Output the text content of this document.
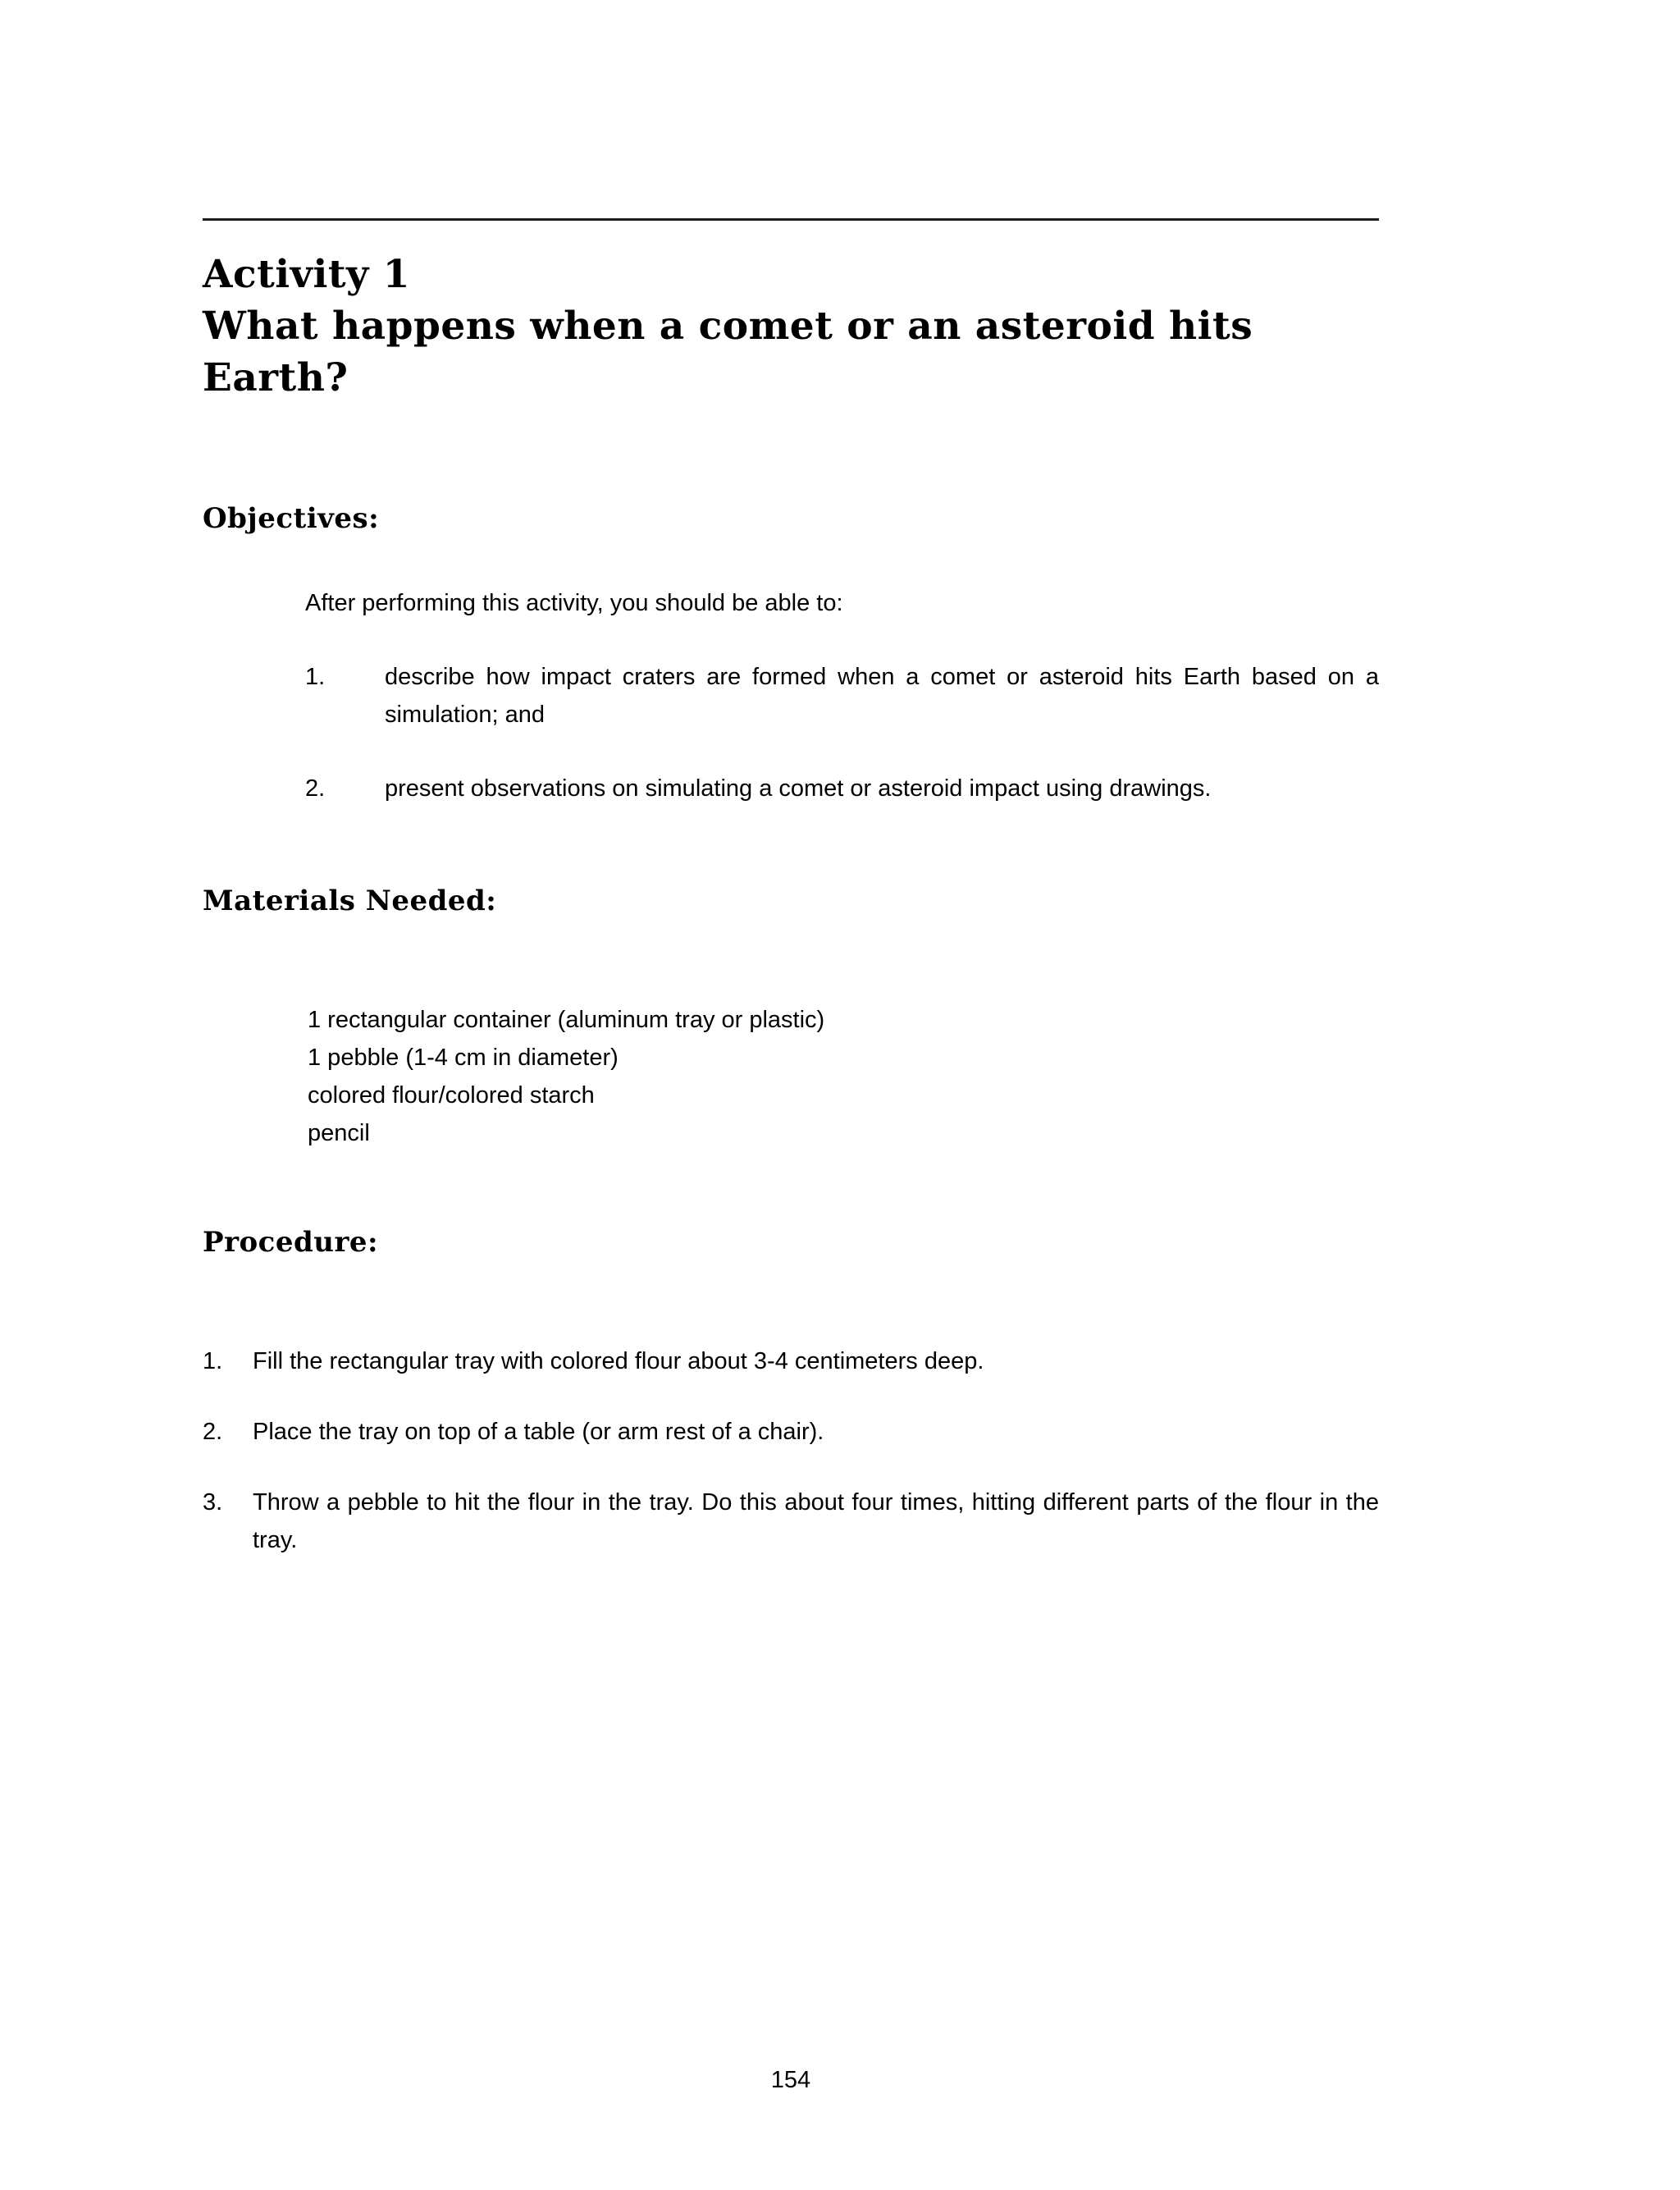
Activity 1
What happens when a comet or an asteroid hits
Earth?
Objectives:

After performing this activity, you should be able to:

1.	describe how impact craters are formed when a comet or asteroid hits Earth based on a simulation; and
2.	present observations on simulating a comet or asteroid impact using drawings.
Materials Needed:
1 rectangular container (aluminum tray or plastic)
1 pebble (1-4 cm in diameter)
colored flour/colored starch
pencil
Procedure:
1.	Fill the rectangular tray with colored flour about 3-4 centimeters deep.
2.	Place the tray on top of a table (or arm rest of a chair).
3.	Throw a pebble to hit the flour in the tray. Do this about four times, hitting different parts of the flour in the tray.
154
